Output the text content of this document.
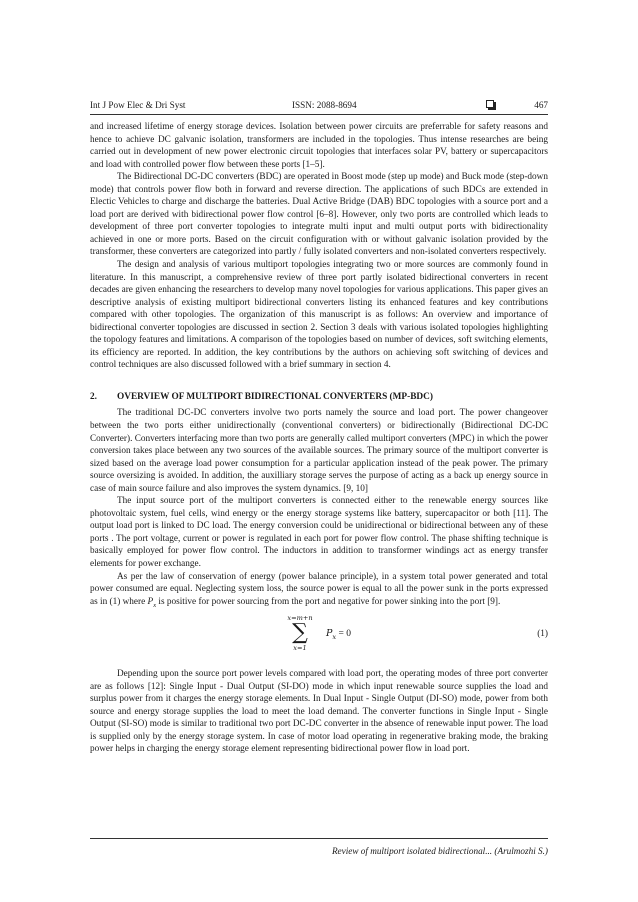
Int J Pow Elec & Dri Syst	ISSN: 2088-8694	467

and increased lifetime of energy storage devices. Isolation between power circuits are preferrable for safety reasons and hence to achieve DC galvanic isolation, transformers are included in the topologies. Thus intense researches are being carried out in development of new power electronic circuit topologies that interfaces solar PV, battery or supercapacitors and load with controlled power flow between these ports [1–5].

The Bidirectional DC-DC converters (BDC) are operated in Boost mode (step up mode) and Buck mode (step-down mode) that controls power flow both in forward and reverse direction. The applications of such BDCs are extended in Electic Vehicles to charge and discharge the batteries. Dual Active Bridge (DAB) BDC topologies with a source port and a load port are derived with bidirectional power flow control [6–8]. However, only two ports are controlled which leads to development of three port converter topologies to integrate multi input and multi output ports with bidirectionality achieved in one or more ports. Based on the circuit configuration with or without galvanic isolation provided by the transformer, these converters are categorized into partly / fully isolated converters and non-isolated converters respectively.

The design and analysis of various multiport topologies integrating two or more sources are commonly found in literature. In this manuscript, a comprehensive review of three port partly isolated bidirectional converters in recent decades are given enhancing the researchers to develop many novel topologies for various applications. This paper gives an descriptive analysis of existing multiport bidirectional converters listing its enhanced features and key contributions compared with other topologies. The organization of this manuscript is as follows: An overview and importance of bidirectional converter topologies are discussed in section 2. Section 3 deals with various isolated topologies highlighting the topology features and limitations. A comparison of the topologies based on number of devices, soft switching elements, its efficiency are reported. In addition, the key contributions by the authors on achieving soft switching of devices and control techniques are also discussed followed with a brief summary in section 4.

2. OVERVIEW OF MULTIPORT BIDIRECTIONAL CONVERTERS (MP-BDC)

The traditional DC-DC converters involve two ports namely the source and load port. The power changeover between the two ports either unidirectionally (conventional converters) or bidirectionally (Bidirectional DC-DC Converter). Converters interfacing more than two ports are generally called multiport converters (MPC) in which the power conversion takes place between any two sources of the available sources. The primary source of the multiport converter is sized based on the average load power consumption for a particular application instead of the peak power. The primary source oversizing is avoided. In addition, the auxilliary storage serves the purpose of acting as a back up energy source in case of main source failure and also improves the system dynamics. [9, 10]

The input source port of the multiport converters is connected either to the renewable energy sources like photovoltaic system, fuel cells, wind energy or the energy storage systems like battery, supercapacitor or both [11]. The output load port is linked to DC load. The energy conversion could be unidirectional or bidirectional between any of these ports . The port voltage, current or power is regulated in each port for power flow control. The phase shifting technique is basically employed for power flow control. The inductors in addition to transformer windings act as energy transfer elements for power exchange.

As per the law of conservation of energy (power balance principle), in a system total power generated and total power consumed are equal. Neglecting system loss, the source power is equal to all the power sunk in the ports expressed as in (1) where $P_x$ is positive for power sourcing from the port and negative for power sinking into the port [9].

x=m+n
∑
x=1
$P_x = 0$	(1)

Depending upon the source port power levels compared with load port, the operating modes of three port converter are as follows [12]: Single Input - Dual Output (SI-DO) mode in which input renewable source supplies the load and surplus power from it charges the energy storage elements. In Dual Input - Single Output (DI-SO) mode, power from both source and energy storage supplies the load to meet the load demand. The converter functions in Single Input - Single Output (SI-SO) mode is similar to traditional two port DC-DC converter in the absence of renewable input power. The load is supplied only by the energy storage system. In case of motor load operating in regenerative braking mode, the braking power helps in charging the energy storage element representing bidirectional power flow in load port.

Review of multiport isolated bidirectional... (Arulmozhi S.)
